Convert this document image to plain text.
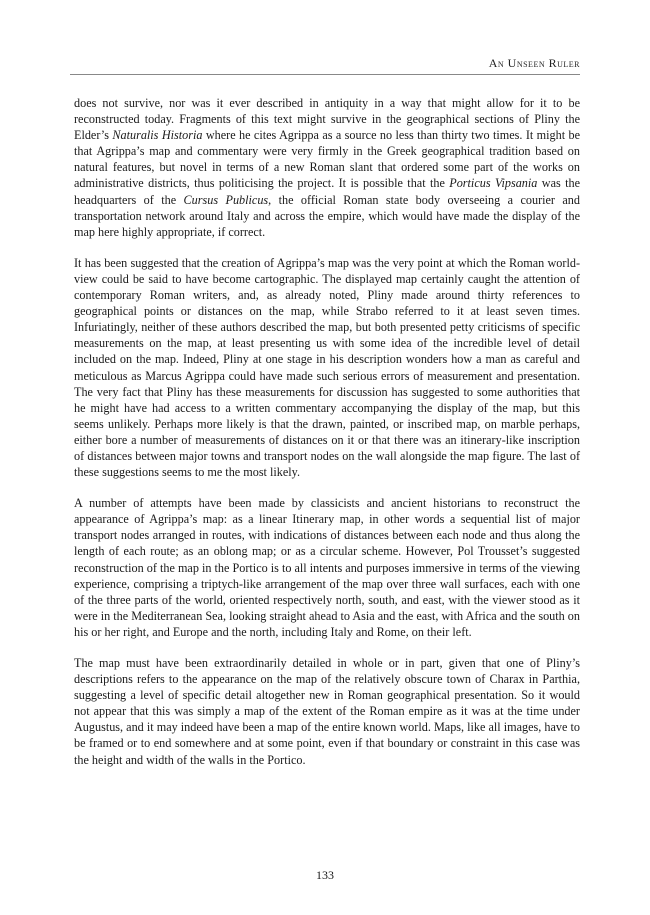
An Unseen Ruler

does not survive, nor was it ever described in antiquity in a way that might allow for it to be reconstructed today. Fragments of this text might survive in the geographical sections of Pliny the Elder’s Naturalis Historia where he cites Agrippa as a source no less than thirty two times. It might be that Agrippa’s map and commentary were very firmly in the Greek geographical tradition based on natural features, but novel in terms of a new Roman slant that ordered some part of the works on administrative districts, thus politicising the project. It is possible that the Porticus Vipsania was the headquarters of the Cursus Publicus, the official Roman state body overseeing a courier and transportation network around Italy and across the empire, which would have made the display of the map here highly appropriate, if correct.

It has been suggested that the creation of Agrippa’s map was the very point at which the Roman world-view could be said to have become cartographic. The displayed map certainly caught the attention of contemporary Roman writers, and, as already noted, Pliny made around thirty references to geographical points or distances on the map, while Strabo referred to it at least seven times. Infuriatingly, neither of these authors described the map, but both presented petty criticisms of specific measurements on the map, at least presenting us with some idea of the incredible level of detail included on the map. Indeed, Pliny at one stage in his description wonders how a man as careful and meticulous as Marcus Agrippa could have made such serious errors of measurement and presentation. The very fact that Pliny has these measurements for discussion has suggested to some authorities that he might have had access to a written commentary accompanying the display of the map, but this seems unlikely. Perhaps more likely is that the drawn, painted, or inscribed map, on marble perhaps, either bore a number of measurements of distances on it or that there was an itinerary-like inscription of distances between major towns and transport nodes on the wall alongside the map figure. The last of these suggestions seems to me the most likely.

A number of attempts have been made by classicists and ancient historians to reconstruct the appearance of Agrippa’s map: as a linear Itinerary map, in other words a sequential list of major transport nodes arranged in routes, with indications of distances between each node and thus along the length of each route; as an oblong map; or as a circular scheme. However, Pol Trousset’s suggested reconstruction of the map in the Portico is to all intents and purposes immersive in terms of the viewing experience, comprising a triptych-like arrangement of the map over three wall surfaces, each with one of the three parts of the world, oriented respectively north, south, and east, with the viewer stood as it were in the Mediterranean Sea, looking straight ahead to Asia and the east, with Africa and the south on his or her right, and Europe and the north, including Italy and Rome, on their left.

The map must have been extraordinarily detailed in whole or in part, given that one of Pliny’s descriptions refers to the appearance on the map of the relatively obscure town of Charax in Parthia, suggesting a level of specific detail altogether new in Roman geographical presentation. So it would not appear that this was simply a map of the extent of the Roman empire as it was at the time under Augustus, and it may indeed have been a map of the entire known world. Maps, like all images, have to be framed or to end somewhere and at some point, even if that boundary or constraint in this case was the height and width of the walls in the Portico.

133
